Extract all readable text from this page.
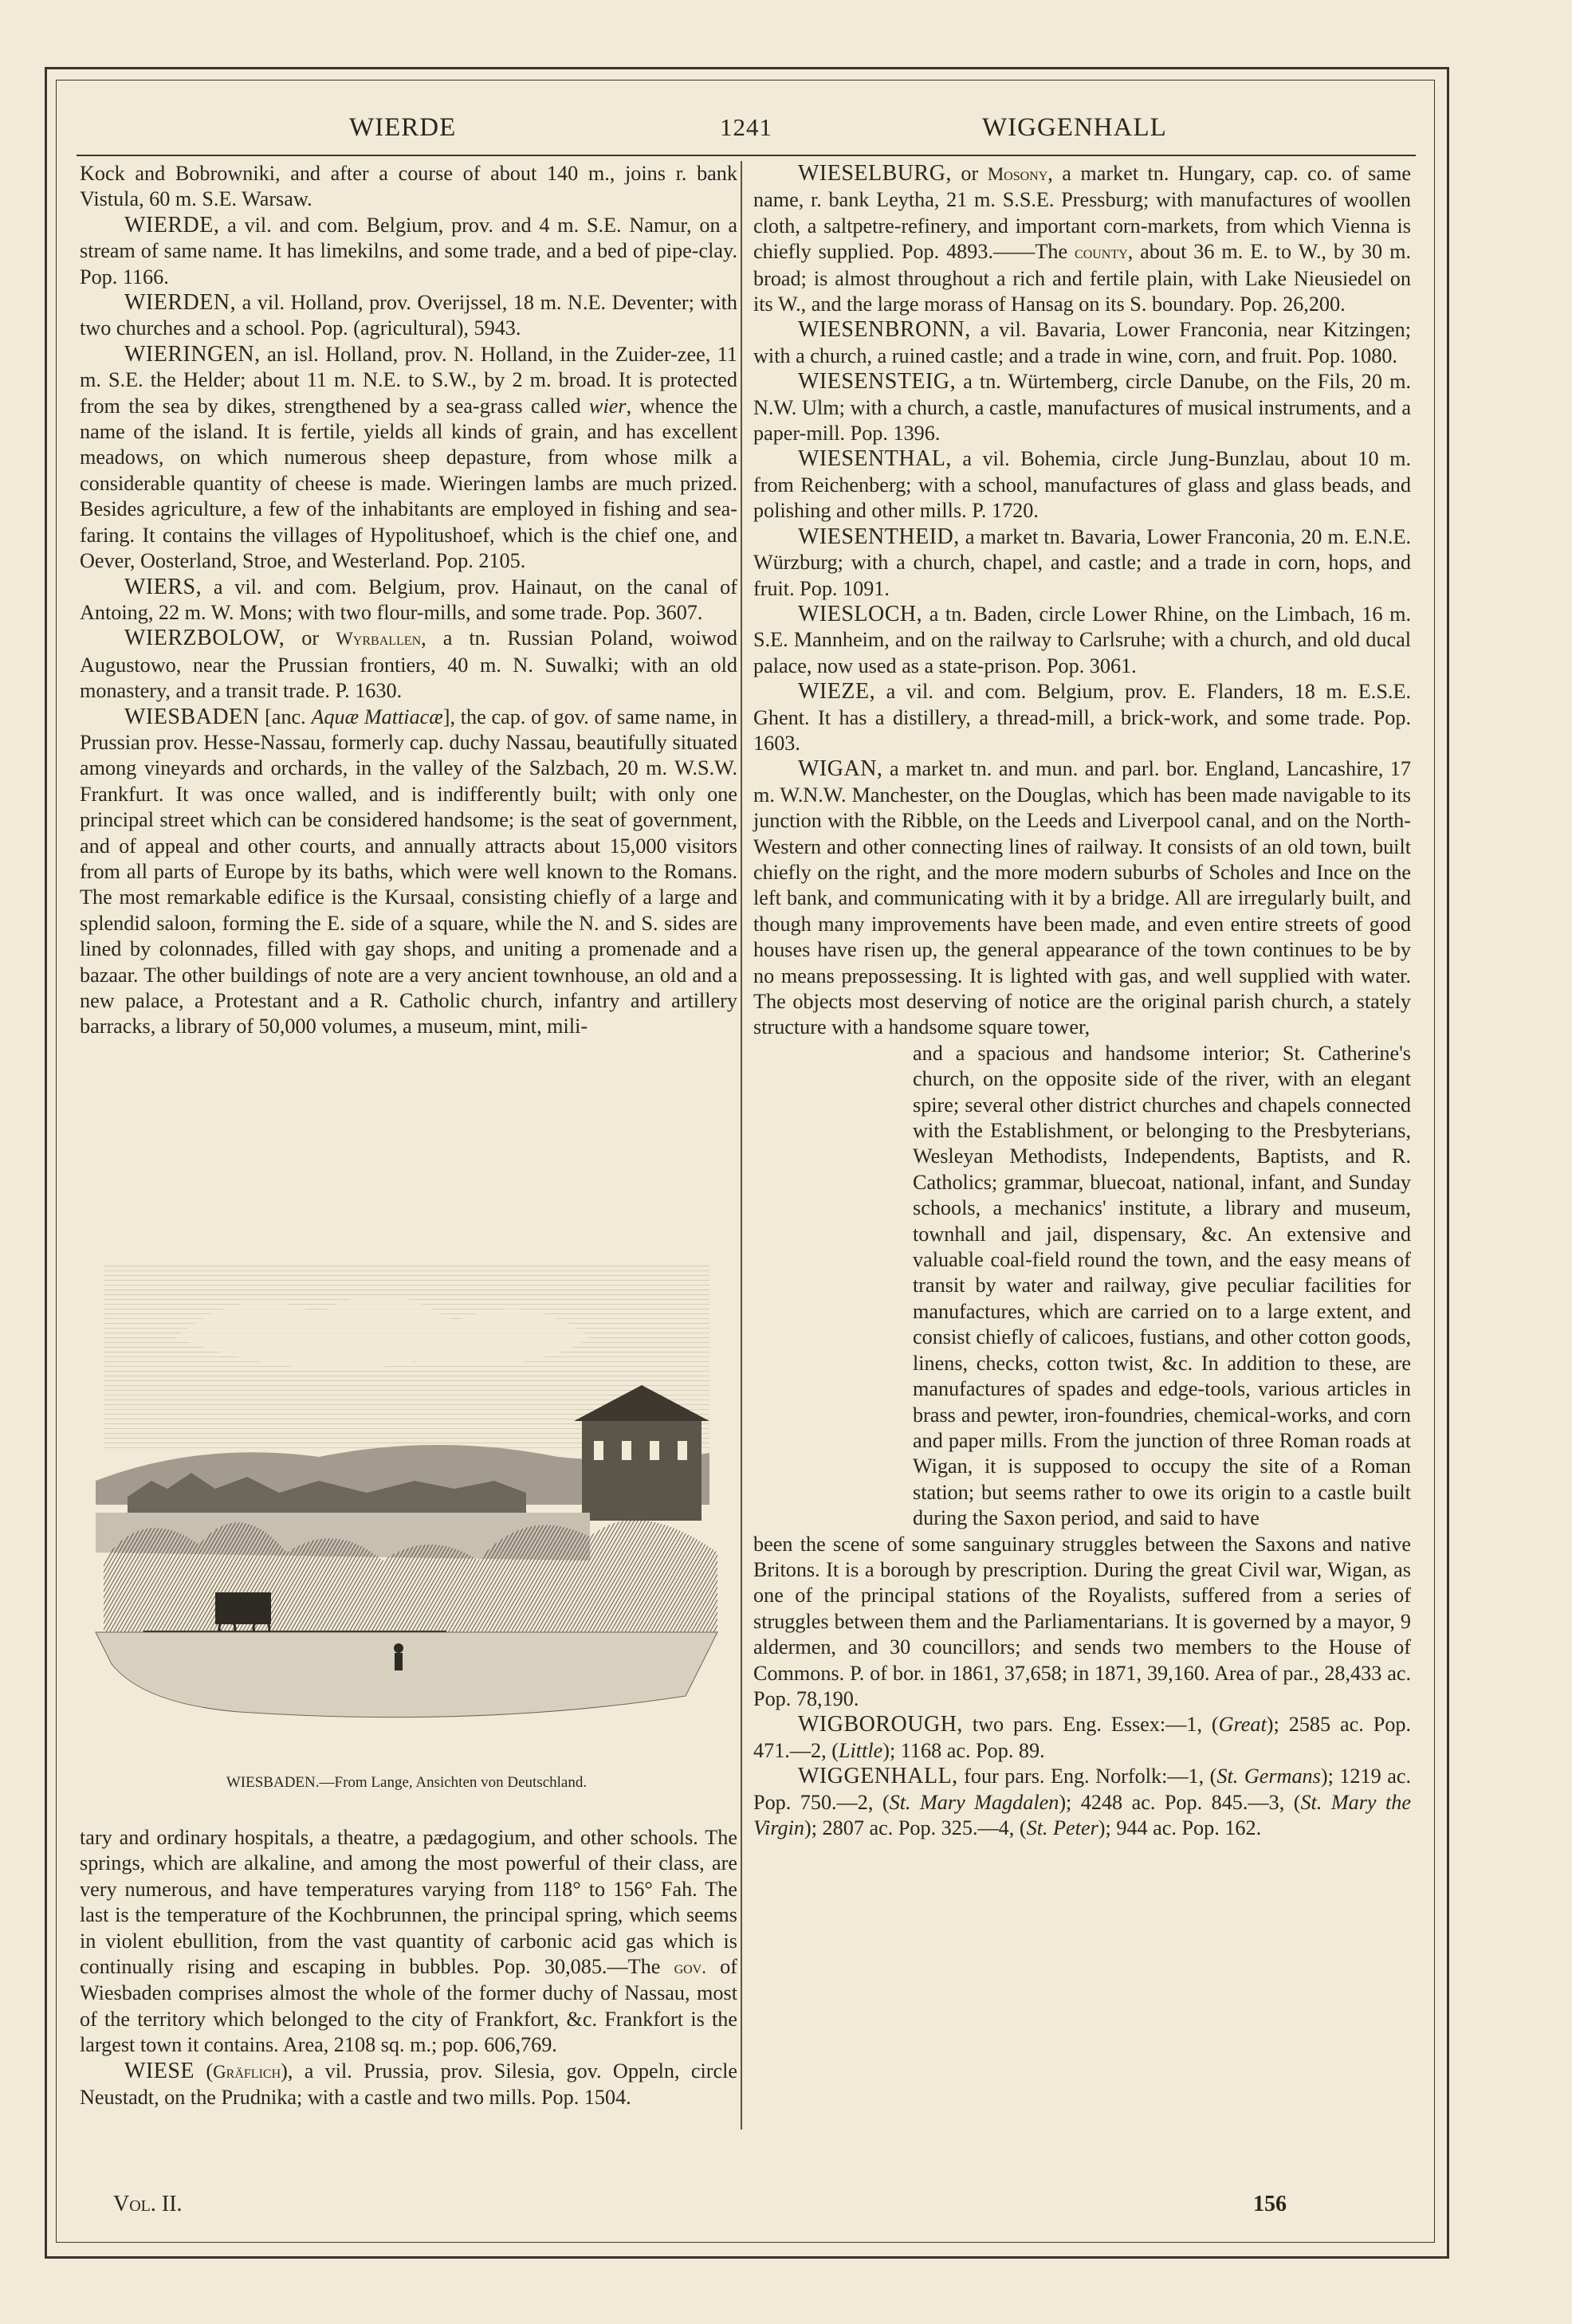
WIERDE	1241	WIGGENHALL

Kock and Bobrowniki, and after a course of about 140 m., joins r. bank Vistula, 60 m. S.E. Warsaw.

WIERDE, a vil. and com. Belgium, prov. and 4 m. S.E. Namur, on a stream of same name. It has limekilns, and some trade, and a bed of pipe-clay. Pop. 1166.

WIERDEN, a vil. Holland, prov. Overijssel, 18 m. N.E. Deventer; with two churches and a school. Pop. (agricultural), 5943.

WIERINGEN, an isl. Holland, prov. N. Holland, in the Zuider-zee, 11 m. S.E. the Helder; about 11 m. N.E. to S.W., by 2 m. broad. It is protected from the sea by dikes, strengthened by a sea-grass called wier, whence the name of the island. It is fertile, yields all kinds of grain, and has excellent meadows, on which numerous sheep depasture, from whose milk a considerable quantity of cheese is made. Wieringen lambs are much prized. Besides agriculture, a few of the inhabitants are employed in fishing and sea-faring. It contains the villages of Hypolitushoef, which is the chief one, and Oever, Oosterland, Stroe, and Westerland. Pop. 2105.

WIERS, a vil. and com. Belgium, prov. Hainaut, on the canal of Antoing, 22 m. W. Mons; with two flour-mills, and some trade. Pop. 3607.

WIERZBOLOW, or Wyrballen, a tn. Russian Poland, woiwod Augustowo, near the Prussian frontiers, 40 m. N. Suwalki; with an old monastery, and a transit trade. P. 1630.

WIESBADEN [anc. Aquæ Mattiacæ], the cap. of gov. of same name, in Prussian prov. Hesse-Nassau, formerly cap. duchy Nassau, beautifully situated among vineyards and orchards, in the valley of the Salzbach, 20 m. W.S.W. Frankfurt. It was once walled, and is indifferently built; with only one principal street which can be considered handsome; is the seat of government, and of appeal and other courts, and annually attracts about 15,000 visitors from all parts of Europe by its baths, which were well known to the Romans. The most remarkable edifice is the Kursaal, consisting chiefly of a large and splendid saloon, forming the E. side of a square, while the N. and S. sides are lined by colonnades, filled with gay shops, and uniting a promenade and a bazaar. The other buildings of note are a very ancient townhouse, an old and a new palace, a Protestant and a R. Catholic church, infantry and artillery barracks, a library of 50,000 volumes, a museum, mint, mili-

WIESBADEN.—From Lange, Ansichten von Deutschland.

tary and ordinary hospitals, a theatre, a pædagogium, and other schools. The springs, which are alkaline, and among the most powerful of their class, are very numerous, and have temperatures varying from 118° to 156° Fah. The last is the temperature of the Kochbrunnen, the principal spring, which seems in violent ebullition, from the vast quantity of carbonic acid gas which is continually rising and escaping in bubbles. Pop. 30,085.—The gov. of Wiesbaden comprises almost the whole of the former duchy of Nassau, most of the territory which belonged to the city of Frankfort, &c. Frankfort is the largest town it contains. Area, 2108 sq. m.; pop. 606,769.

WIESE (Gräflich), a vil. Prussia, prov. Silesia, gov. Oppeln, circle Neustadt, on the Prudnika; with a castle and two mills. Pop. 1504.

WIESELBURG, or Mosony, a market tn. Hungary, cap. co. of same name, r. bank Leytha, 21 m. S.S.E. Pressburg; with manufactures of woollen cloth, a saltpetre-refinery, and important corn-markets, from which Vienna is chiefly supplied. Pop. 4893.——The county, about 36 m. E. to W., by 30 m. broad; is almost throughout a rich and fertile plain, with Lake Nieusiedel on its W., and the large morass of Hansag on its S. boundary. Pop. 26,200.

WIESENBRONN, a vil. Bavaria, Lower Franconia, near Kitzingen; with a church, a ruined castle; and a trade in wine, corn, and fruit. Pop. 1080.

WIESENSTEIG, a tn. Würtemberg, circle Danube, on the Fils, 20 m. N.W. Ulm; with a church, a castle, manufactures of musical instruments, and a paper-mill. Pop. 1396.

WIESENTHAL, a vil. Bohemia, circle Jung-Bunzlau, about 10 m. from Reichenberg; with a school, manufactures of glass and glass beads, and polishing and other mills. P. 1720.

WIESENTHEID, a market tn. Bavaria, Lower Franconia, 20 m. E.N.E. Würzburg; with a church, chapel, and castle; and a trade in corn, hops, and fruit. Pop. 1091.

WIESLOCH, a tn. Baden, circle Lower Rhine, on the Limbach, 16 m. S.E. Mannheim, and on the railway to Carlsruhe; with a church, and old ducal palace, now used as a state-prison. Pop. 3061.

WIEZE, a vil. and com. Belgium, prov. E. Flanders, 18 m. E.S.E. Ghent. It has a distillery, a thread-mill, a brick-work, and some trade. Pop. 1603.

WIGAN, a market tn. and mun. and parl. bor. England, Lancashire, 17 m. W.N.W. Manchester, on the Douglas, which has been made navigable to its junction with the Ribble, on the Leeds and Liverpool canal, and on the North-Western and other connecting lines of railway. It consists of an old town, built chiefly on the right, and the more modern suburbs of Scholes and Ince on the left bank, and communicating with it by a bridge. All are irregularly built, and though many improvements have been made, and even entire streets of good houses have risen up, the general appearance of the town continues to be by no means prepossessing. It is lighted with gas, and well supplied with water. The objects most deserving of notice are the original parish church, a stately structure with a handsome square tower,

and a spacious and handsome interior; St. Catherine's church, on the opposite side of the river, with an elegant spire; several other district churches and chapels connected with the Establishment, or belonging to the Presbyterians, Wesleyan Methodists, Independents, Baptists, and R. Catholics; grammar, bluecoat, national, infant, and Sunday schools, a mechanics' institute, a library and museum, townhall and jail, dispensary, &c. An extensive and valuable coal-field round the town, and the easy means of transit by water and railway, give peculiar facilities for manufactures, which are carried on to a large extent, and consist chiefly of calicoes, fustians, and other cotton goods, linens, checks, cotton twist, &c. In addition to these, are manufactures of spades and edge-tools, various articles in brass and pewter, iron-foundries, chemical-works, and corn and paper mills. From the junction of three Roman roads at Wigan, it is supposed to occupy the site of a Roman station; but seems rather to owe its origin to a castle built during the Saxon period, and said to have

been the scene of some sanguinary struggles between the Saxons and native Britons. It is a borough by prescription. During the great Civil war, Wigan, as one of the principal stations of the Royalists, suffered from a series of struggles between them and the Parliamentarians. It is governed by a mayor, 9 aldermen, and 30 councillors; and sends two members to the House of Commons. P. of bor. in 1861, 37,658; in 1871, 39,160. Area of par., 28,433 ac. Pop. 78,190.

WIGBOROUGH, two pars. Eng. Essex:—1, (Great); 2585 ac. Pop. 471.—2, (Little); 1168 ac. Pop. 89.

WIGGENHALL, four pars. Eng. Norfolk:—1, (St. Germans); 1219 ac. Pop. 750.—2, (St. Mary Magdalen); 4248 ac. Pop. 845.—3, (St. Mary the Virgin); 2807 ac. Pop. 325.—4, (St. Peter); 944 ac. Pop. 162.

Vol. II.	156
